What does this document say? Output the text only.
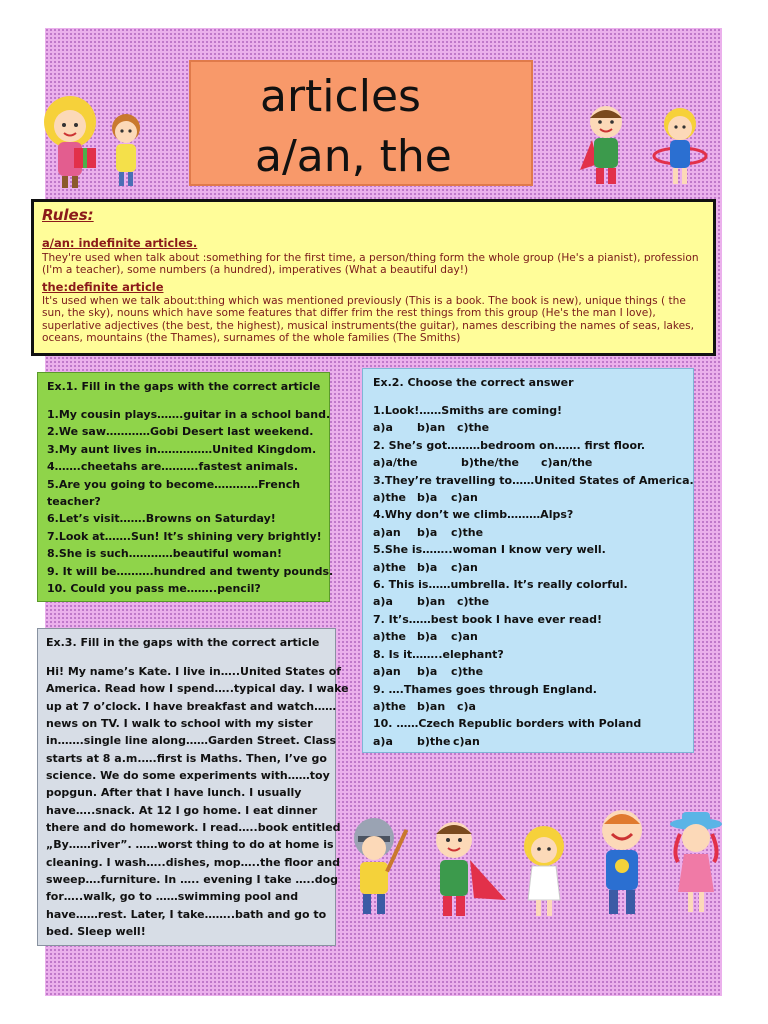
articles
a/an, the
Rules:
a/an: indefinite articles.
They're used when talk about :something for the first time, a person/thing form the whole group (He's a pianist), profession (I'm a teacher), some numbers (a hundred), imperatives (What a beautiful day!)
the:definite article
It's used when we talk about:thing which was mentioned previously (This is a book. The book is new), unique things ( the sun, the sky), nouns which have some features that differ frim the rest things from this group (He's the man I love), superlative adjectives (the best, the highest), musical instruments(the guitar), names describing the names of seas, lakes, oceans, mountains (the Thames), surnames of the whole families (The Smiths)
Ex.1. Fill in the gaps with the correct article
1.My cousin plays…….guitar in a school band.
2.We saw…………Gobi Desert last weekend.
3.My aunt lives in……………United Kingdom.
4…….cheetahs are……….fastest animals.
5.Are you going to become…………French
teacher?
6.Let’s visit…….Browns on Saturday!
7.Look at…….Sun! It’s shining very brightly!
8.She is such…………beautiful woman!
9. It will be……….hundred and twenty pounds.
10. Could you pass me……..pencil?
Ex.2. Choose the correct answer
1.Look!……Smiths are coming!
a)a b)an c)the
2. She’s got………bedroom on……. first floor.
a)a/the	b)the/the c)an/the
3.They’re travelling to……United States of America.
a)the b)a c)an
4.Why don’t we climb………Alps?
a)an b)a c)the
5.She is……..woman I know very well.
a)the b)a c)an
6. This is……umbrella. It’s really colorful.
a)a b)an c)the
7. It’s……best book I have ever read!
a)the b)a c)an
8. Is it……..elephant?
a)an b)a c)the
9. ….Thames goes through England.
a)the b)an c)a
10. ……Czech Republic borders with Poland
a)a b)the c)an
Ex.3. Fill in the gaps with the correct article
Hi! My name’s Kate. I live in…..United States of
America. Read how I spend…..typical day. I wake
up at 7 o’clock. I have breakfast and watch……
news on TV. I walk to school with my sister
in…….single line along……Garden Street. Class
starts at 8 a.m.….first is Maths. Then, I’ve go
science. We do some experiments with……toy
popgun. After that I have lunch. I usually
have…..snack. At 12 I go home. I eat dinner
there and do homework. I read…..book entitled
„By……river”. ……worst thing to do at home is
cleaning. I wash…..dishes, mop…..the floor and
sweep….furniture. In ….. evening I take …..dog
for…..walk, go to ……swimming pool and
have……rest. Later, I take……..bath and go to
bed. Sleep well!
